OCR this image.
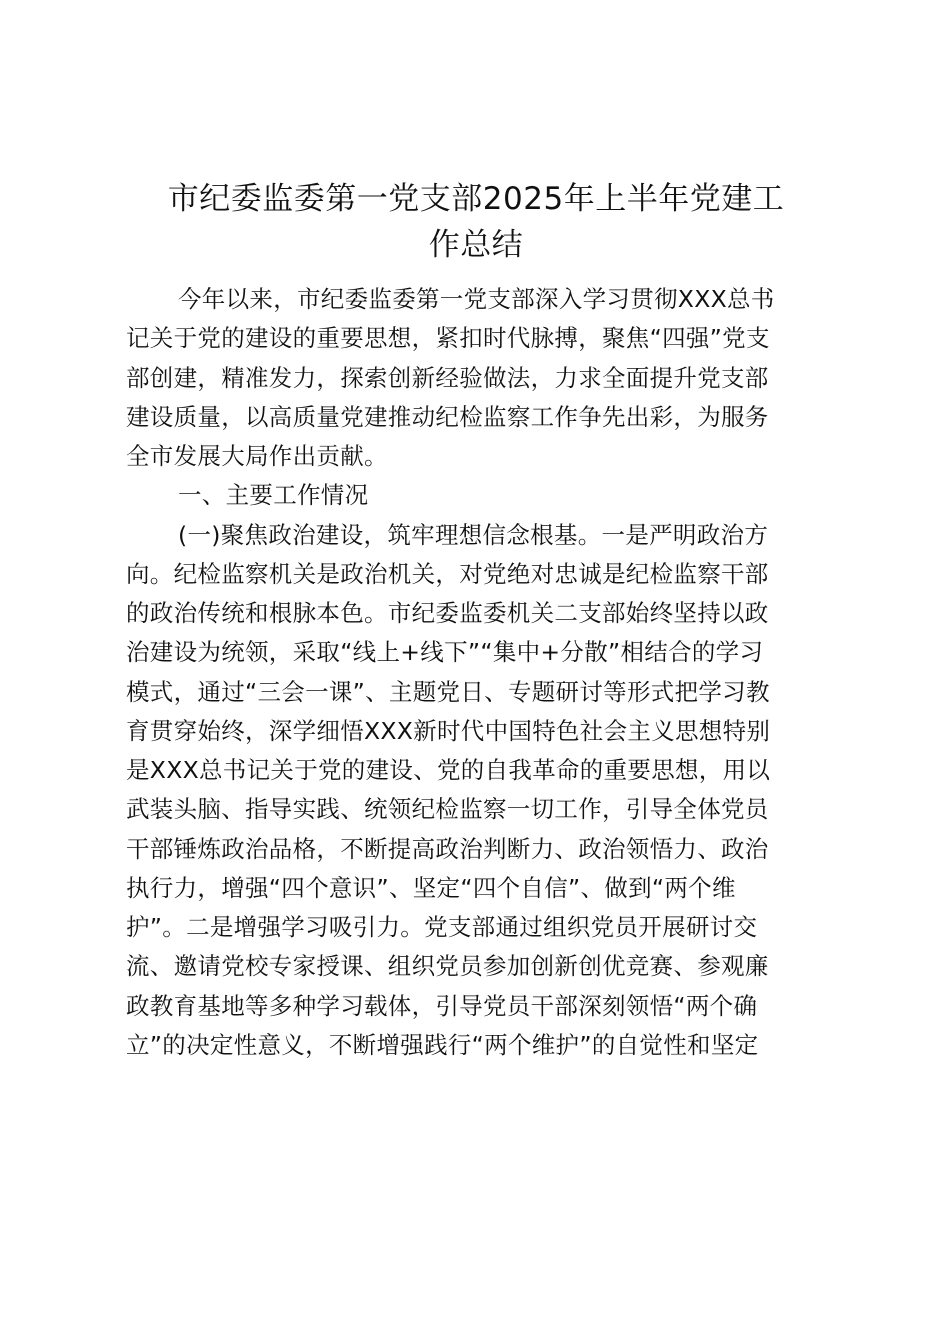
市纪委监委第一党支部2025年上半年党建工
作总结
今年以来，市纪委监委第一党支部深入学习贯彻XXX总书
记关于党的建设的重要思想，紧扣时代脉搏，聚焦“四强”党支
部创建，精准发力，探索创新经验做法，力求全面提升党支部
建设质量，以高质量党建推动纪检监察工作争先出彩，为服务
全市发展大局作出贡献。
一、主要工作情况
(一)聚焦政治建设，筑牢理想信念根基。一是严明政治方
向。纪检监察机关是政治机关，对党绝对忠诚是纪检监察干部
的政治传统和根脉本色。市纪委监委机关二支部始终坚持以政
治建设为统领，采取“线上+线下”“集中+分散”相结合的学习
模式，通过“三会一课”、主题党日、专题研讨等形式把学习教
育贯穿始终，深学细悟XXX新时代中国特色社会主义思想特别
是XXX总书记关于党的建设、党的自我革命的重要思想，用以
武装头脑、指导实践、统领纪检监察一切工作，引导全体党员
干部锤炼政治品格，不断提高政治判断力、政治领悟力、政治
执行力，增强“四个意识”、坚定“四个自信”、做到“两个维
护”。二是增强学习吸引力。党支部通过组织党员开展研讨交
流、邀请党校专家授课、组织党员参加创新创优竞赛、参观廉
政教育基地等多种学习载体，引导党员干部深刻领悟“两个确
立”的决定性意义，不断增强践行“两个维护”的自觉性和坚定
